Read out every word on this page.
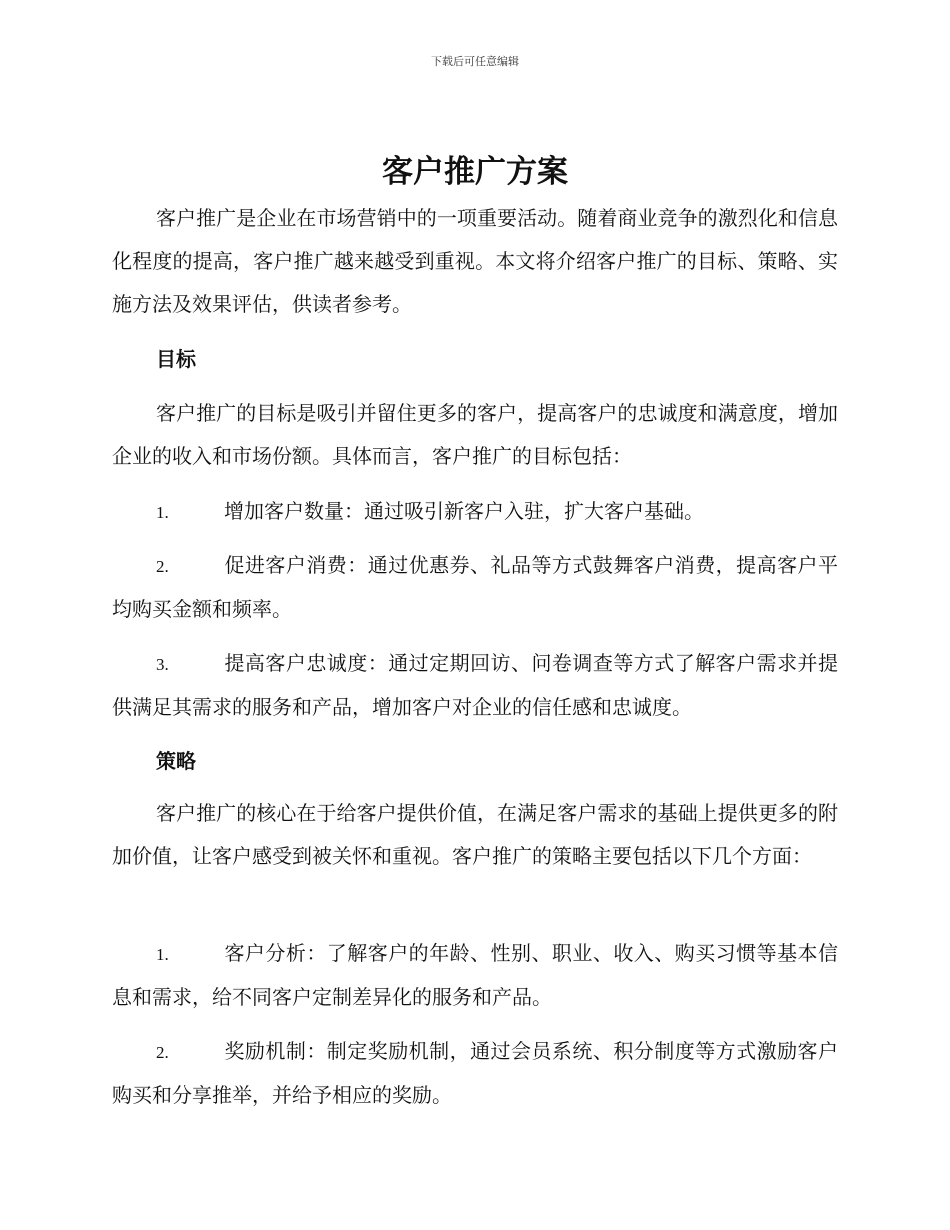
下载后可任意编辑
客户推广方案

客户推广是企业在市场营销中的一项重要活动。随着商业竞争的激烈化和信息化程度的提高，客户推广越来越受到重视。本文将介绍客户推广的目标、策略、实施方法及效果评估，供读者参考。

目标

客户推广的目标是吸引并留住更多的客户，提高客户的忠诚度和满意度，增加企业的收入和市场份额。具体而言，客户推广的目标包括：

1.	增加客户数量：通过吸引新客户入驻，扩大客户基础。

2.	促进客户消费：通过优惠券、礼品等方式鼓舞客户消费，提高客户平均购买金额和频率。

3.	提高客户忠诚度：通过定期回访、问卷调查等方式了解客户需求并提供满足其需求的服务和产品，增加客户对企业的信任感和忠诚度。

策略

客户推广的核心在于给客户提供价值，在满足客户需求的基础上提供更多的附加价值，让客户感受到被关怀和重视。客户推广的策略主要包括以下几个方面：

1.	客户分析：了解客户的年龄、性别、职业、收入、购买习惯等基本信息和需求，给不同客户定制差异化的服务和产品。

2.	奖励机制：制定奖励机制，通过会员系统、积分制度等方式激励客户购买和分享推举，并给予相应的奖励。
